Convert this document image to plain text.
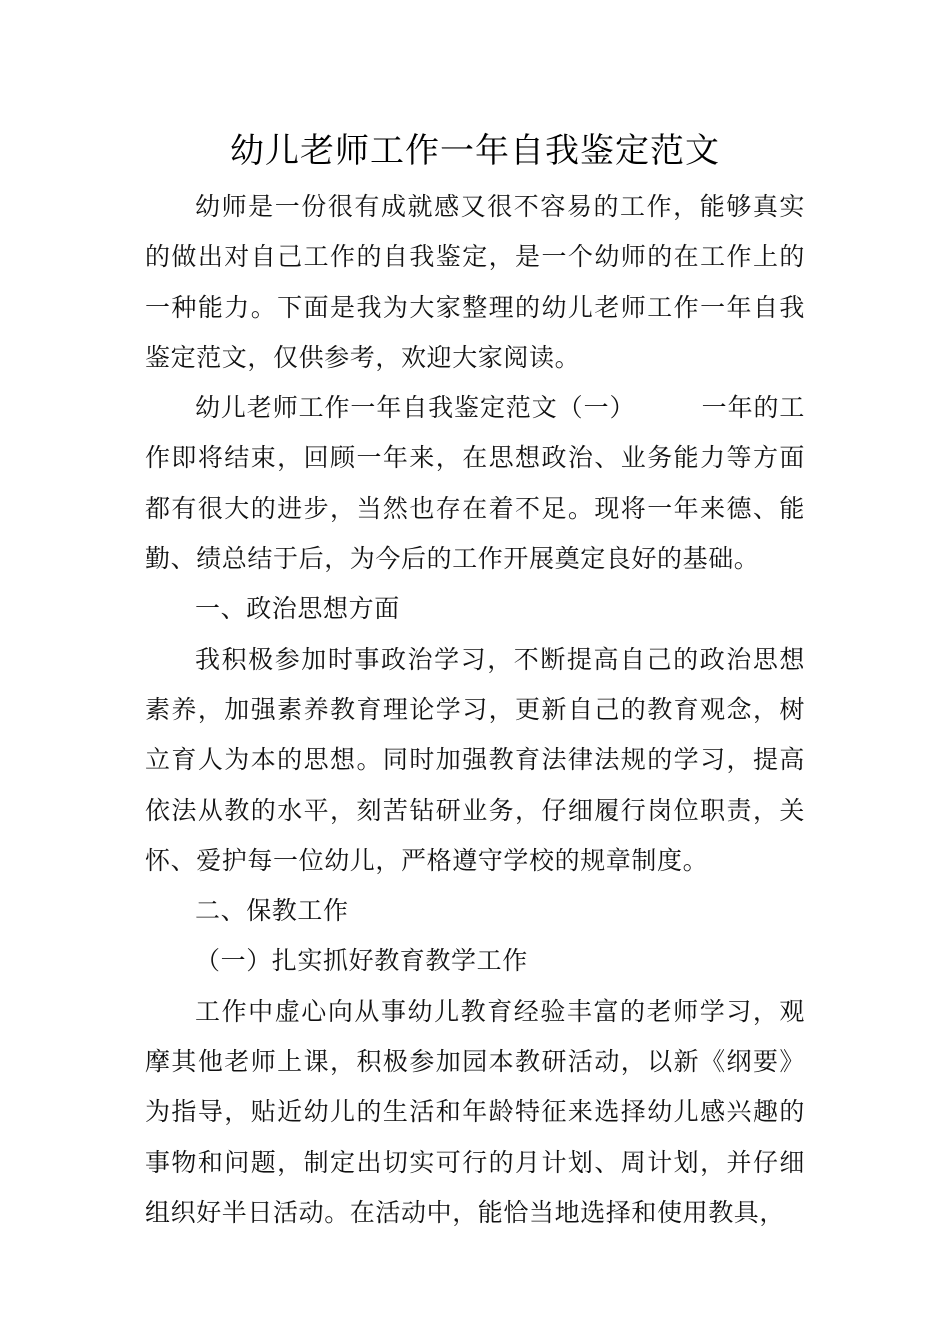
幼儿老师工作一年自我鉴定范文

幼师是一份很有成就感又很不容易的工作，能够真实的做出对自己工作的自我鉴定，是一个幼师的在工作上的一种能力。下面是我为大家整理的幼儿老师工作一年自我鉴定范文，仅供参考，欢迎大家阅读。

幼儿老师工作一年自我鉴定范文（一）	一年的工作即将结束，回顾一年来，在思想政治、业务能力等方面都有很大的进步，当然也存在着不足。现将一年来德、能勤、绩总结于后，为今后的工作开展奠定良好的基础。

一、政治思想方面

我积极参加时事政治学习，不断提高自己的政治思想素养，加强素养教育理论学习，更新自己的教育观念，树立育人为本的思想。同时加强教育法律法规的学习，提高依法从教的水平，刻苦钻研业务，仔细履行岗位职责，关怀、爱护每一位幼儿，严格遵守学校的规章制度。

二、保教工作

（一）扎实抓好教育教学工作

工作中虚心向从事幼儿教育经验丰富的老师学习，观摩其他老师上课，积极参加园本教研活动，以新《纲要》为指导，贴近幼儿的生活和年龄特征来选择幼儿感兴趣的事物和问题，制定出切实可行的月计划、周计划，并仔细组织好半日活动。在活动中，能恰当地选择和使用教具，
